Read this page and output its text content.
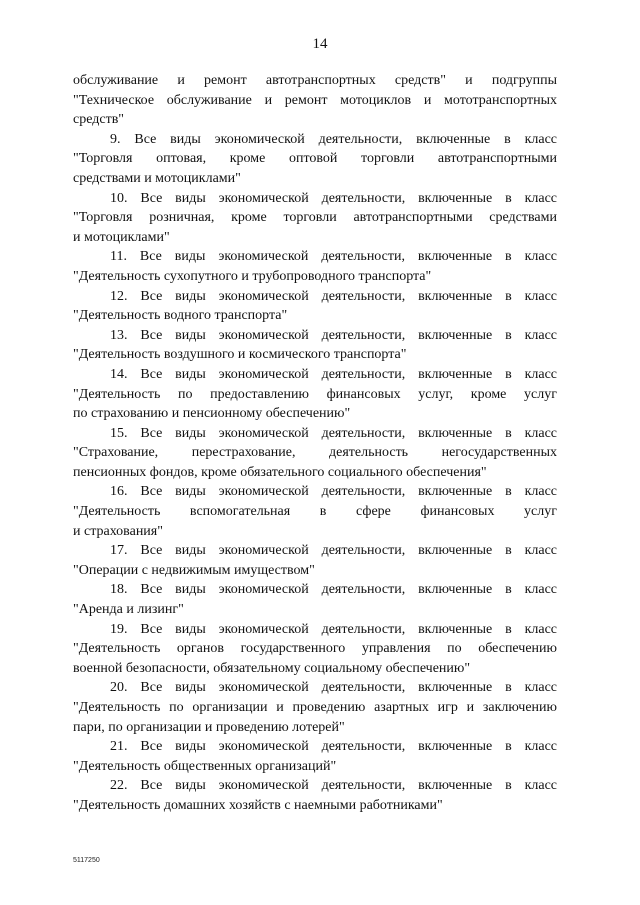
14
обслуживание и ремонт автотранспортных средств" и подгруппы
"Техническое обслуживание и ремонт мотоциклов и мототранспортных
средств"
9. Все виды экономической деятельности, включенные в класс
"Торговля оптовая, кроме оптовой торговли автотранспортными
средствами и мотоциклами"
10. Все виды экономической деятельности, включенные в класс
"Торговля розничная, кроме торговли автотранспортными средствами
и мотоциклами"
11. Все виды экономической деятельности, включенные в класс
"Деятельность сухопутного и трубопроводного транспорта"
12. Все виды экономической деятельности, включенные в класс
"Деятельность водного транспорта"
13. Все виды экономической деятельности, включенные в класс
"Деятельность воздушного и космического транспорта"
14. Все виды экономической деятельности, включенные в класс
"Деятельность по предоставлению финансовых услуг, кроме услуг
по страхованию и пенсионному обеспечению"
15. Все виды экономической деятельности, включенные в класс
"Страхование, перестрахование, деятельность негосударственных
пенсионных фондов, кроме обязательного социального обеспечения"
16. Все виды экономической деятельности, включенные в класс
"Деятельность вспомогательная в сфере финансовых услуг
и страхования"
17. Все виды экономической деятельности, включенные в класс
"Операции с недвижимым имуществом"
18. Все виды экономической деятельности, включенные в класс
"Аренда и лизинг"
19. Все виды экономической деятельности, включенные в класс
"Деятельность органов государственного управления по обеспечению
военной безопасности, обязательному социальному обеспечению"
20. Все виды экономической деятельности, включенные в класс
"Деятельность по организации и проведению азартных игр и заключению
пари, по организации и проведению лотерей"
21. Все виды экономической деятельности, включенные в класс
"Деятельность общественных организаций"
22. Все виды экономической деятельности, включенные в класс
"Деятельность домашних хозяйств с наемными работниками"
5117250
